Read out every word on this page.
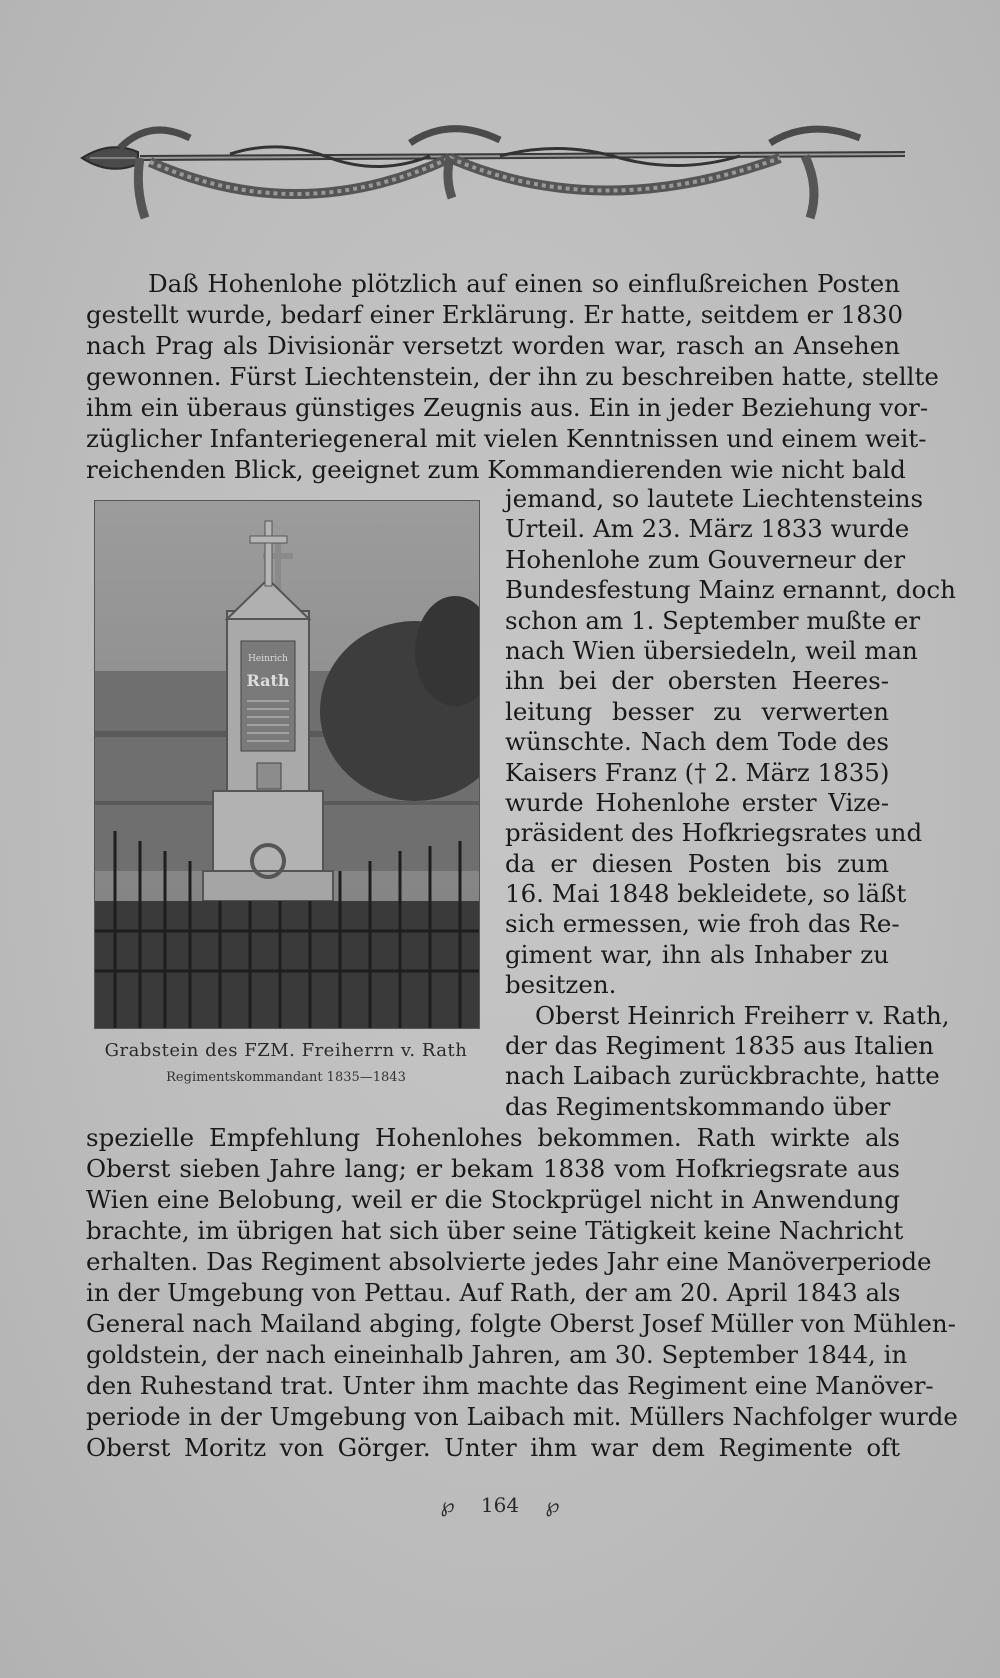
Daß Hohenlohe plötzlich auf einen so einflußreichen Posten
gestellt wurde, bedarf einer Erklärung. Er hatte, seitdem er 1830
nach Prag als Divisionär versetzt worden war, rasch an Ansehen
gewonnen. Fürst Liechtenstein, der ihn zu beschreiben hatte, stellte
ihm ein überaus günstiges Zeugnis aus. Ein in jeder Beziehung vor-
züglicher Infanteriegeneral mit vielen Kenntnissen und einem weit-
reichenden Blick, geeignet zum Kommandierenden wie nicht bald
Heinrich
Rath
Grabstein des FZM. Freiherrn v. Rath
Regimentskommandant 1835—1843
jemand, so lautete Liechtensteins
Urteil. Am 23. März 1833 wurde
Hohenlohe zum Gouverneur der
Bundesfestung Mainz ernannt, doch
schon am 1. September mußte er
nach Wien übersiedeln, weil man
ihn bei der obersten Heeres-
leitung besser zu verwerten
wünschte. Nach dem Tode des
Kaisers Franz († 2. März 1835)
wurde Hohenlohe erster Vize-
präsident des Hofkriegsrates und
da er diesen Posten bis zum
16. Mai 1848 bekleidete, so läßt
sich ermessen, wie froh das Re-
giment war, ihn als Inhaber zu
besitzen.
Oberst Heinrich Freiherr v. Rath,
der das Regiment 1835 aus Italien
nach Laibach zurückbrachte, hatte
das Regimentskommando über
spezielle Empfehlung Hohenlohes bekommen. Rath wirkte als
Oberst sieben Jahre lang; er bekam 1838 vom Hofkriegsrate aus
Wien eine Belobung, weil er die Stockprügel nicht in Anwendung
brachte, im übrigen hat sich über seine Tätigkeit keine Nachricht
erhalten. Das Regiment absolvierte jedes Jahr eine Manöverperiode
in der Umgebung von Pettau. Auf Rath, der am 20. April 1843 als
General nach Mailand abging, folgte Oberst Josef Müller von Mühlen-
goldstein, der nach eineinhalb Jahren, am 30. September 1844, in
den Ruhestand trat. Unter ihm machte das Regiment eine Manöver-
periode in der Umgebung von Laibach mit. Müllers Nachfolger wurde
Oberst Moritz von Görger. Unter ihm war dem Regimente oft
℘ 164 ℘
